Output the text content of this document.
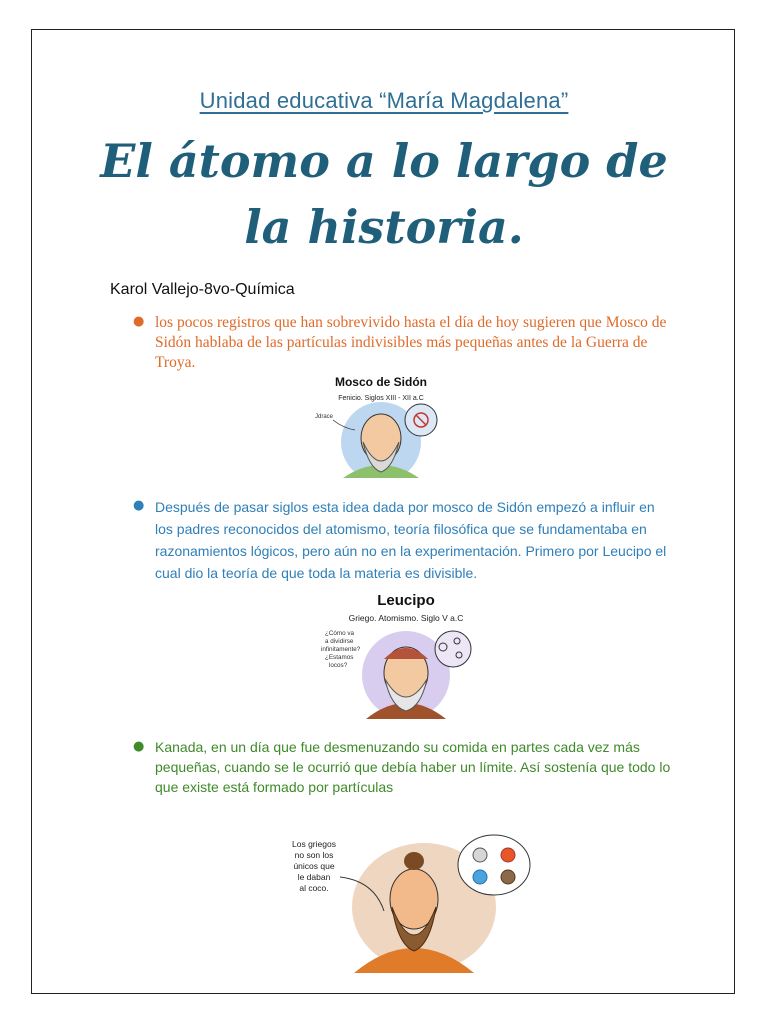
Unidad educativa “María Magdalena”
El átomo a lo largo de
la historia.
Karol Vallejo-8vo-Química
● los pocos registros que han sobrevivido hasta el día de hoy sugieren que Mosco de Sidón hablaba de las partículas indivisibles más pequeñas antes de la Guerra de Troya.
Mosco de Sidón
Fenicio. Siglos XIII - XII a.C
Jdrace
● Después de pasar siglos esta idea dada por mosco de Sidón empezó a influir en los padres reconocidos del atomismo, teoría filosófica que se fundamentaba en razonamientos lógicos, pero aún no en la experimentación. Primero por Leucipo el cual dio la teoría de que toda la materia es divisible.
Leucipo
Griego. Atomismo. Siglo V a.C
¿Cómo va
a dividirse
infinitamente?
¿Estamos
locos?
● Kanada, en un día que fue desmenuzando su comida en partes cada vez más pequeñas, cuando se le ocurrió que debía haber un límite. Así sostenía que todo lo que existe está formado por partículas
Los griegos
no son los
únicos que
le daban
al coco.
